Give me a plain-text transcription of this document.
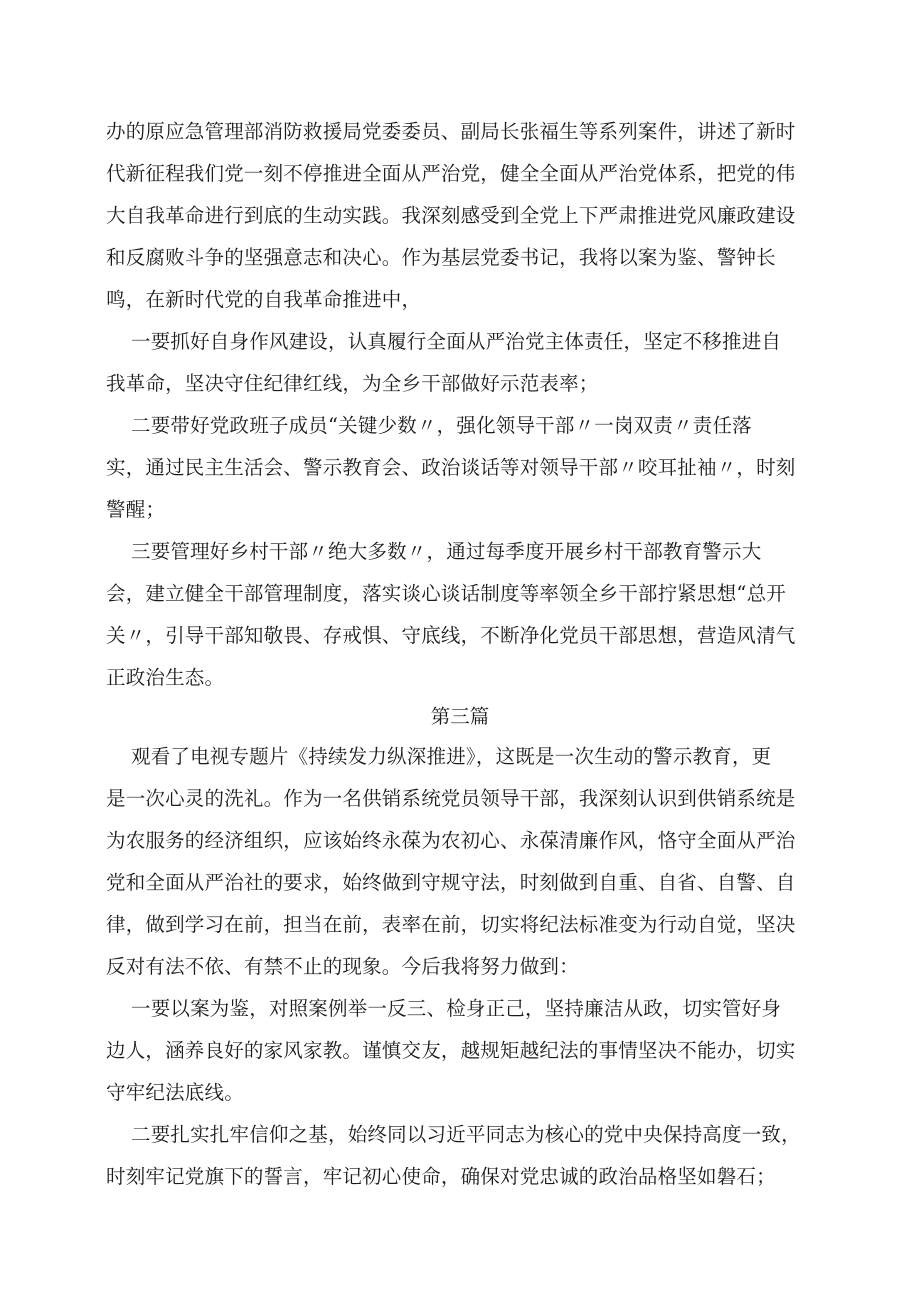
办的原应急管理部消防救援局党委委员、副局长张福生等系列案件，讲述了新时
代新征程我们党一刻不停推进全面从严治党，健全全面从严治党体系，把党的伟
大自我革命进行到底的生动实践。我深刻感受到全党上下严肃推进党风廉政建设
和反腐败斗争的坚强意志和决心。作为基层党委书记，我将以案为鉴、警钟长
鸣，在新时代党的自我革命推进中，
一要抓好自身作风建设，认真履行全面从严治党主体责任，坚定不移推进自
我革命，坚决守住纪律红线，为全乡干部做好示范表率；
二要带好党政班子成员“关键少数〃，强化领导干部〃一岗双责〃责任落
实，通过民主生活会、警示教育会、政治谈话等对领导干部〃咬耳扯袖〃，时刻
警醒；
三要管理好乡村干部〃绝大多数〃，通过每季度开展乡村干部教育警示大
会，建立健全干部管理制度，落实谈心谈话制度等率领全乡干部拧紧思想“总开
关〃，引导干部知敬畏、存戒惧、守底线，不断净化党员干部思想，营造风清气
正政治生态。
第三篇
观看了电视专题片《持续发力纵深推进》，这既是一次生动的警示教育，更
是一次心灵的洗礼。作为一名供销系统党员领导干部，我深刻认识到供销系统是
为农服务的经济组织，应该始终永葆为农初心、永葆清廉作风，恪守全面从严治
党和全面从严治社的要求，始终做到守规守法，时刻做到自重、自省、自警、自
律，做到学习在前，担当在前，表率在前，切实将纪法标准变为行动自觉，坚决
反对有法不依、有禁不止的现象。今后我将努力做到：
一要以案为鉴，对照案例举一反三、检身正己，坚持廉洁从政，切实管好身
边人，涵养良好的家风家教。谨慎交友，越规矩越纪法的事情坚决不能办，切实
守牢纪法底线。
二要扎实扎牢信仰之基，始终同以习近平同志为核心的党中央保持高度一致，
时刻牢记党旗下的誓言，牢记初心使命，确保对党忠诚的政治品格坚如磐石；
